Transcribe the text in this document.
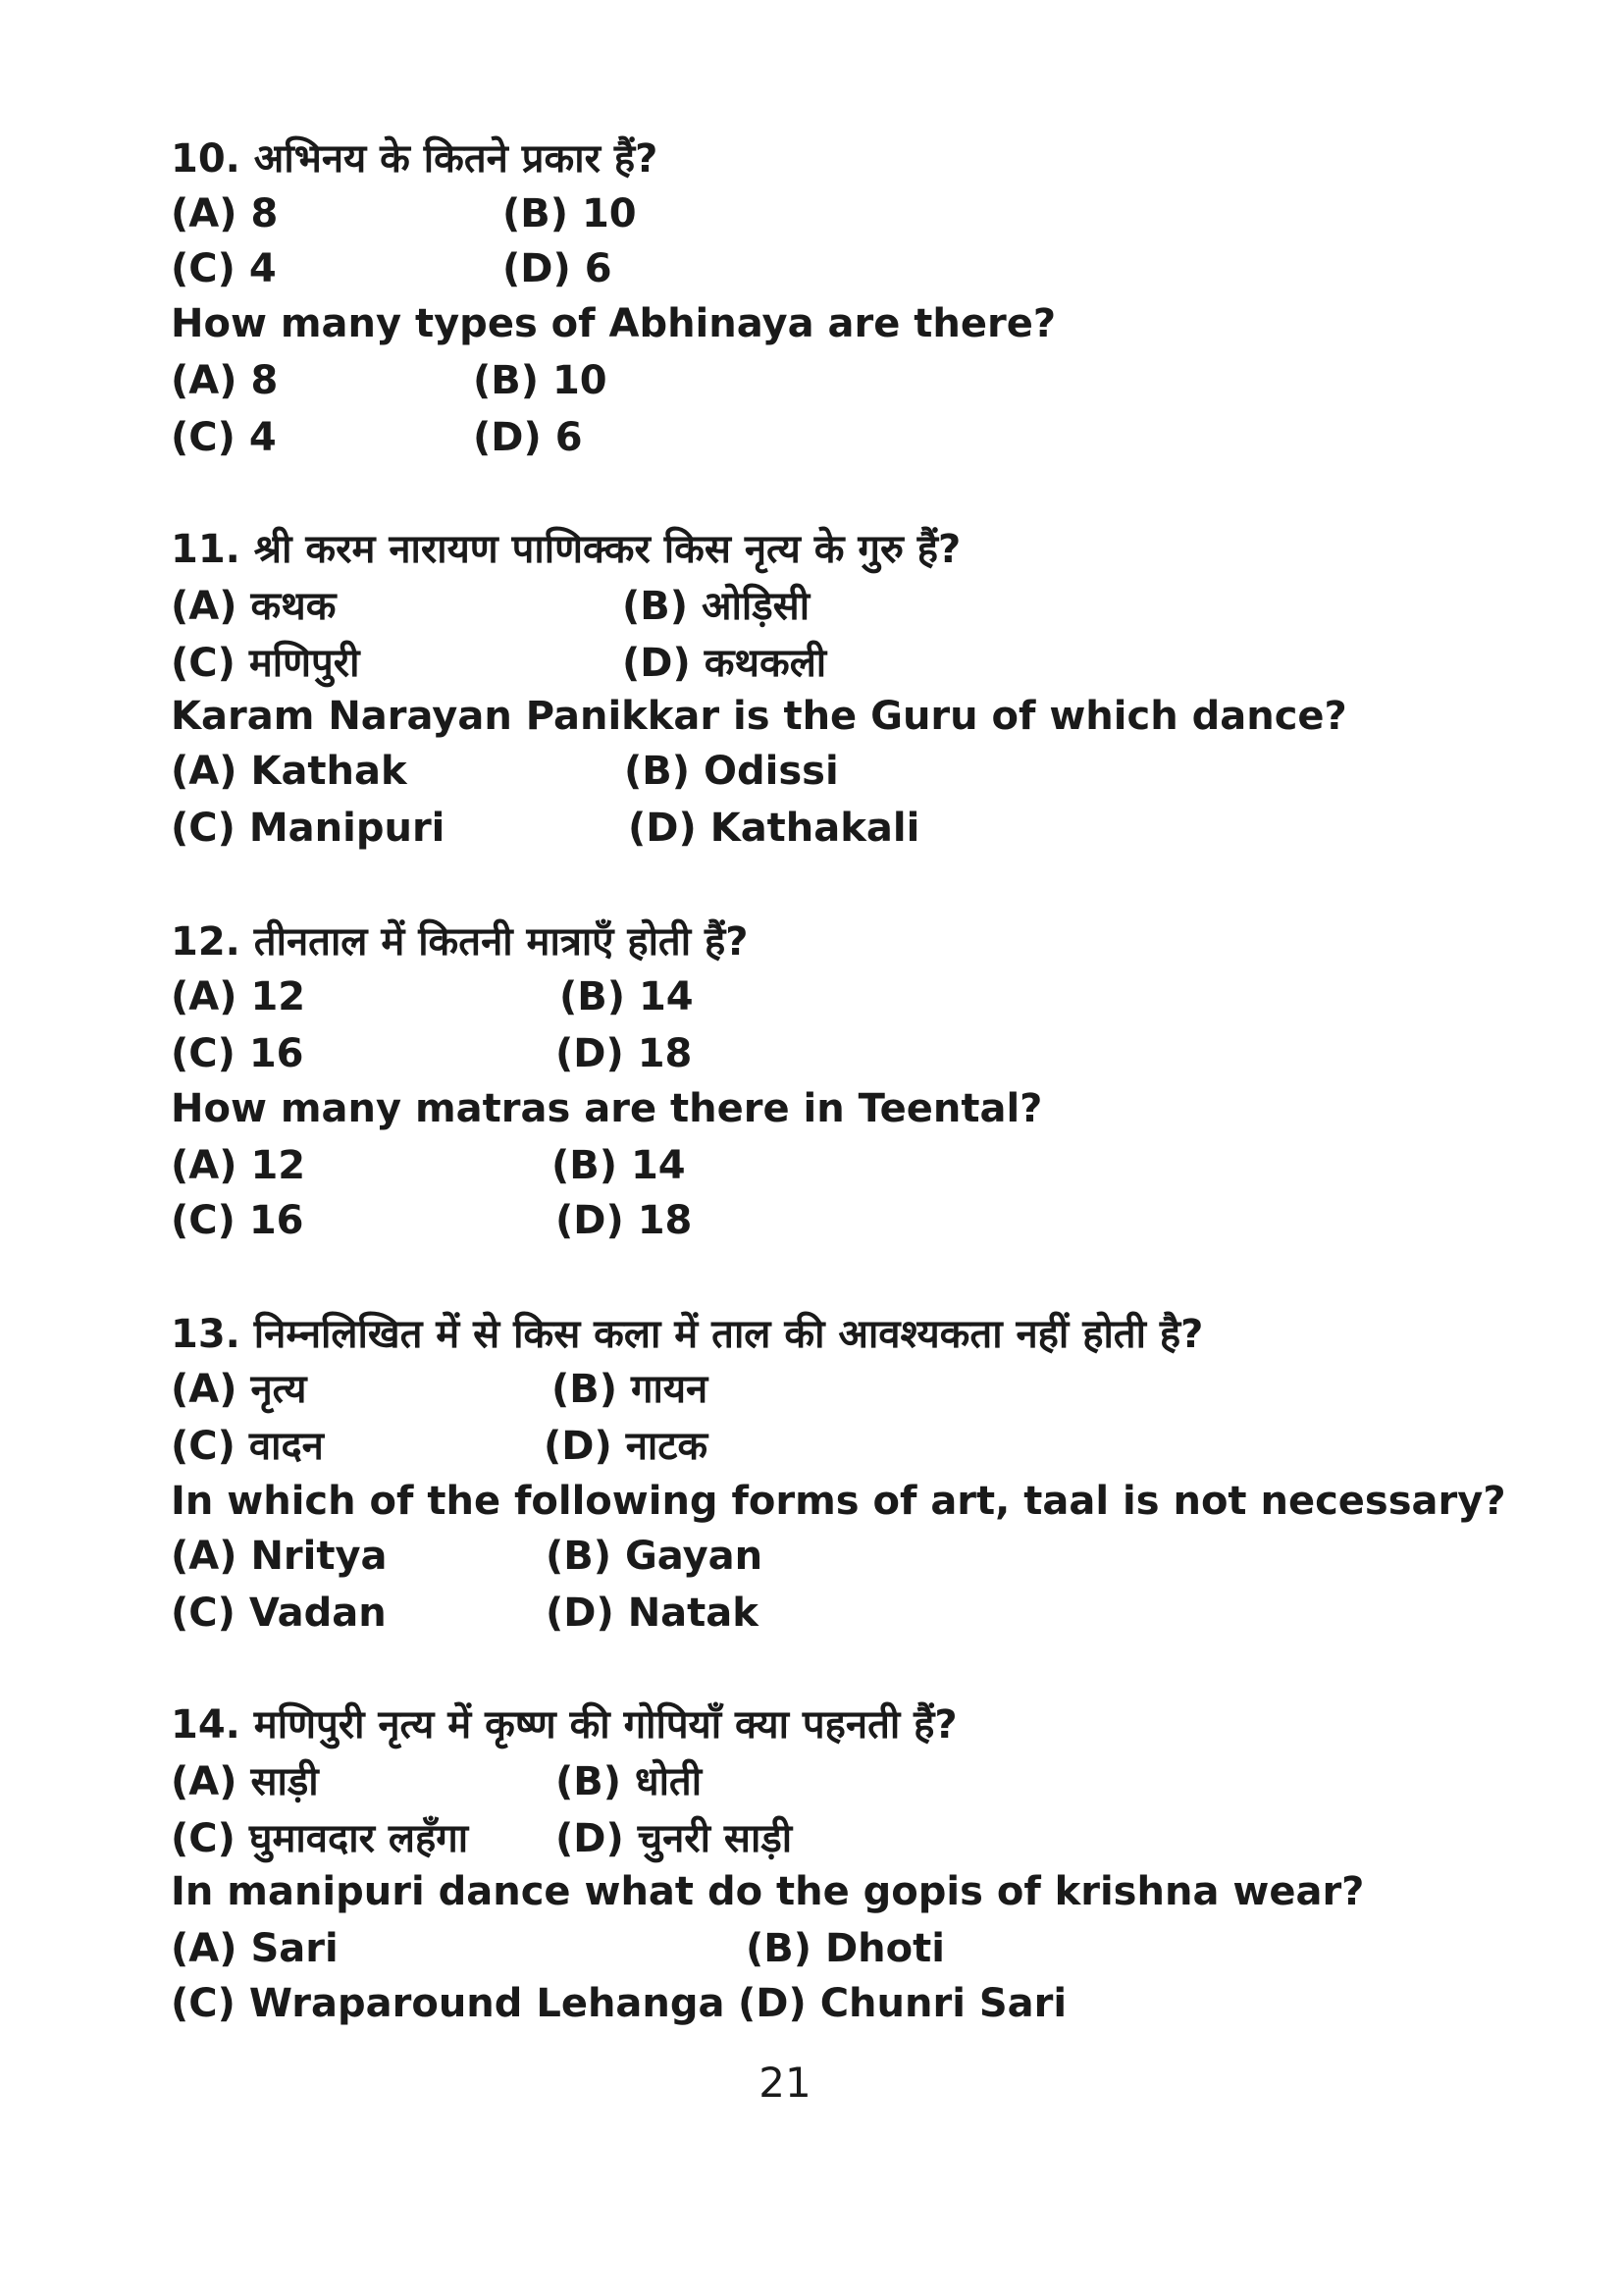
10. अभिनय के कितने प्रकार हैं?
(A) 8	(B) 10
(C) 4	(D) 6
How many types of Abhinaya are there?
(A) 8	(B) 10
(C) 4	(D) 6
11. श्री करम नारायण पाणिक्कर किस नृत्य के गुरु हैं?
(A) कथक	(B) ओड़िसी
(C) मणिपुरी	(D) कथकली
Karam Narayan Panikkar is the Guru of which dance?
(A) Kathak	(B) Odissi
(C) Manipuri	(D) Kathakali
12. तीनताल में कितनी मात्राएँ होती हैं?
(A) 12	(B) 14
(C) 16	(D) 18
How many matras are there in Teental?
(A) 12	(B) 14
(C) 16	(D) 18
13. निम्नलिखित में से किस कला में ताल की आवश्यकता नहीं होती है?
(A) नृत्य	(B) गायन
(C) वादन	(D) नाटक
In which of the following forms of art, taal is not necessary?
(A) Nritya	(B) Gayan
(C) Vadan	(D) Natak
14. मणिपुरी नृत्य में कृष्ण की गोपियाँ क्या पहनती हैं?
(A) साड़ी	(B) धोती
(C) घुमावदार लहँगा (D) चुनरी साड़ी
In manipuri dance what do the gopis of krishna wear?
(A) Sari	(B) Dhoti
(C) Wraparound Lehanga (D) Chunri Sari
21
